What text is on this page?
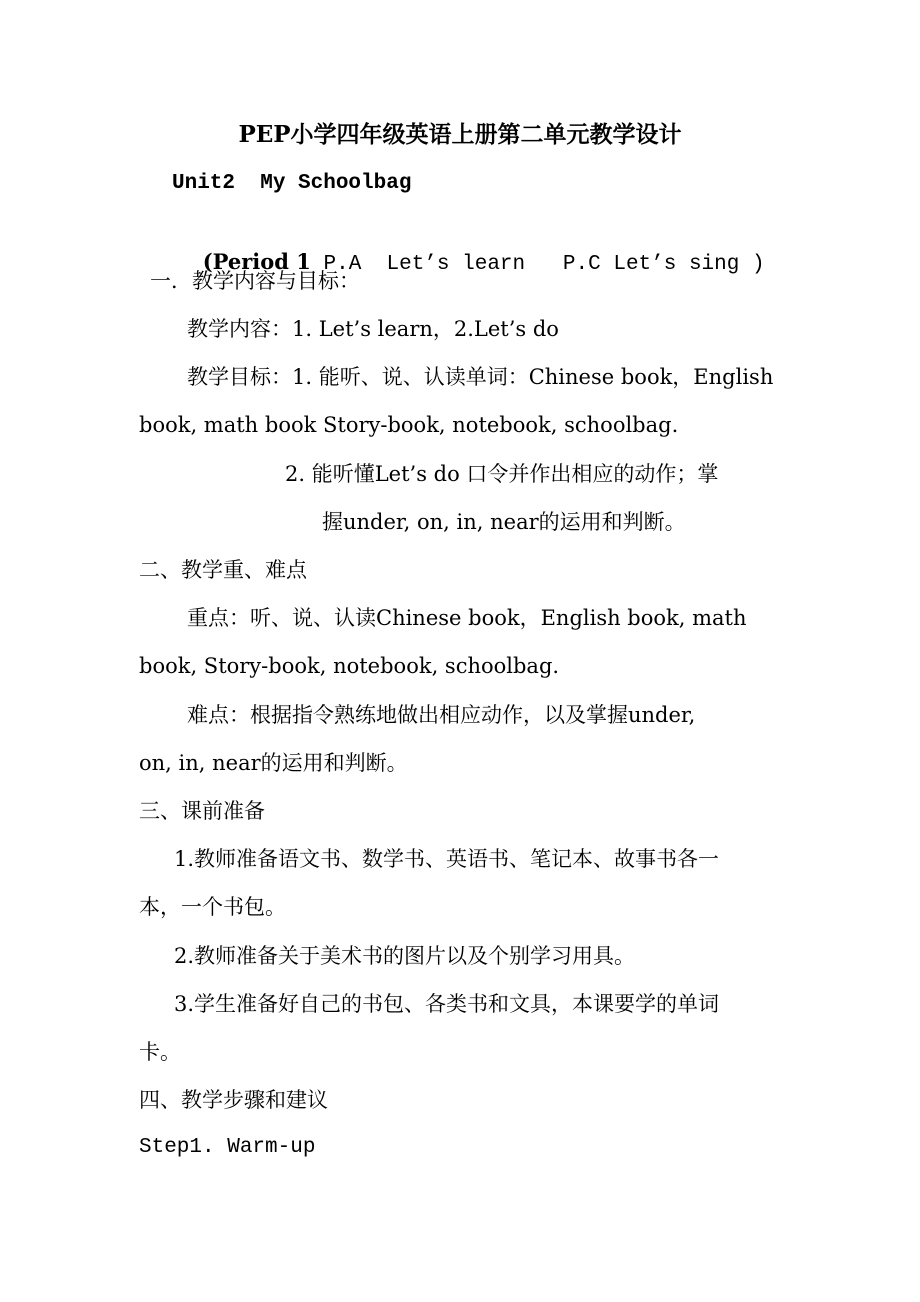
PEP小学四年级英语上册第二单元教学设计
Unit2  My Schoolbag

(Period 1 P.A  Let’s learn   P.C Let’s sing )

一．教学内容与目标：
教学内容：1. Let’s learn，2.Let’s do
教学目标：1. 能听、说、认读单词：Chinese book，English
book, math book Story-book, notebook, schoolbag.
2. 能听懂Let’s do 口令并作出相应的动作；掌
握under, on, in, near的运用和判断。
二、教学重、难点
重点：听、说、认读Chinese book，English book, math
book, Story-book, notebook, schoolbag.
难点：根据指令熟练地做出相应动作，以及掌握under,
on, in, near的运用和判断。
三、课前准备
1.教师准备语文书、数学书、英语书、笔记本、故事书各一
本，一个书包。
2.教师准备关于美术书的图片以及个别学习用具。
3.学生准备好自己的书包、各类书和文具，本课要学的单词
卡。
四、教学步骤和建议
Step1. Warm-up
